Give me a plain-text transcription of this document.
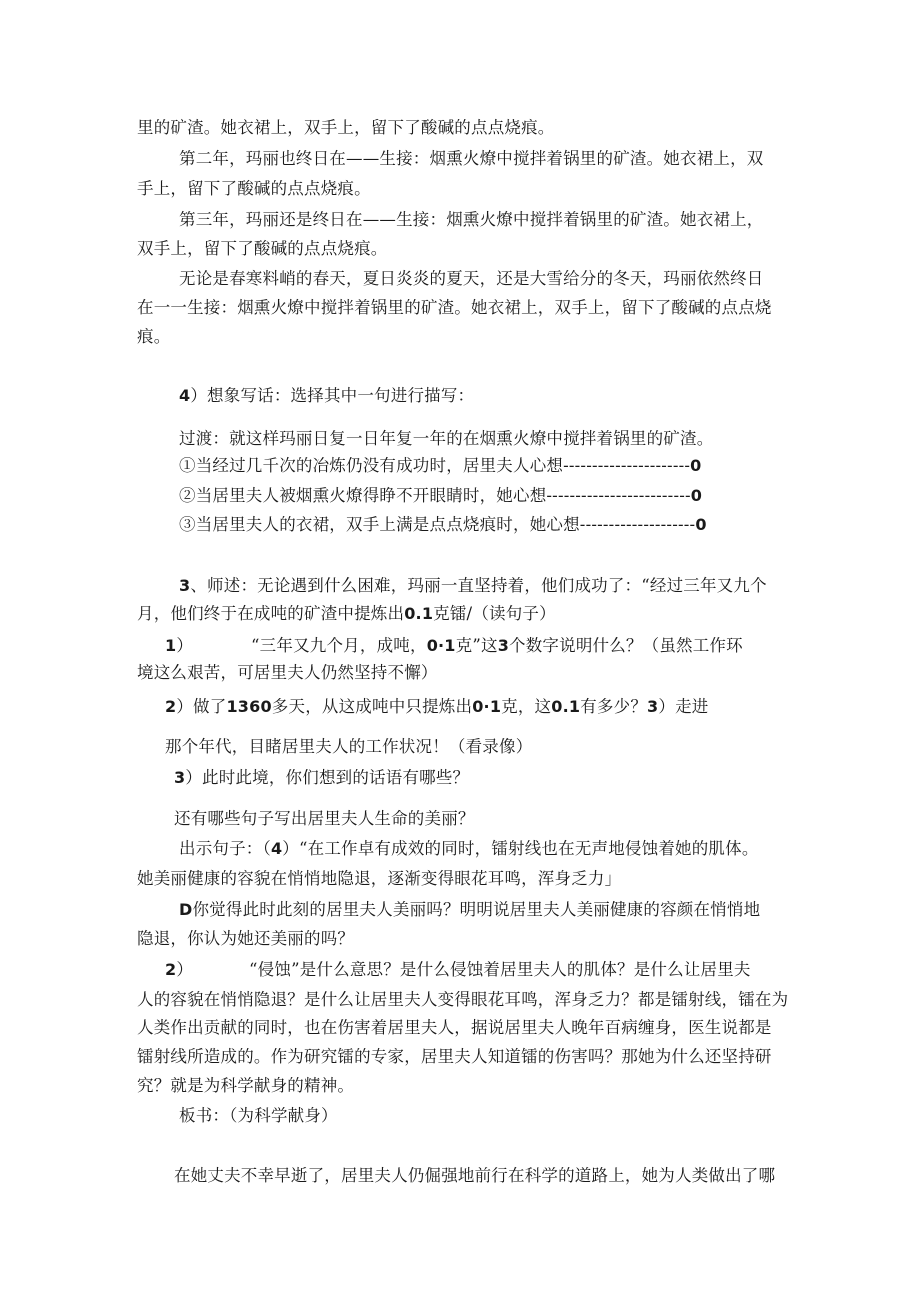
里的矿渣。她衣裙上，双手上，留下了酸碱的点点烧痕。

第二年，玛丽也终日在——生接：烟熏火燎中搅拌着锅里的矿渣。她衣裙上，双

手上，留下了酸碱的点点烧痕。

第三年，玛丽还是终日在——生接：烟熏火燎中搅拌着锅里的矿渣。她衣裙上，

双手上，留下了酸碱的点点烧痕。

无论是春寒料峭的春天，夏日炎炎的夏天，还是大雪给分的冬天，玛丽依然终日

在一一生接：烟熏火燎中搅拌着锅里的矿渣。她衣裙上，双手上，留下了酸碱的点点烧

痕。

4）想象写话：选择其中一句进行描写：

过渡：就这样玛丽日复一日年复一年的在烟熏火燎中搅拌着锅里的矿渣。

①当经过几千次的冶炼仍没有成功时，居里夫人心想----------------------0

②当居里夫人被烟熏火燎得睁不开眼睛时，她心想-------------------------0

③当居里夫人的衣裙，双手上满是点点烧痕时，她心想--------------------0

3、师述：无论遇到什么困难，玛丽一直坚持着，他们成功了：“经过三年又九个

月，他们终于在成吨的矿渣中提炼出0.1克镭/（读句子）

1）	“三年又九个月，成吨，0·1克”这3个数字说明什么？（虽然工作环

境这么艰苦，可居里夫人仍然坚持不懈）

2）做了1360多天，从这成吨中只提炼出0·1克，这0.1有多少？3）走进

那个年代，目睹居里夫人的工作状况！（看录像）

3）此时此境，你们想到的话语有哪些？

还有哪些句子写出居里夫人生命的美丽？

出示句子：（4）“在工作卓有成效的同时，镭射线也在无声地侵蚀着她的肌体。

她美丽健康的容貌在悄悄地隐退，逐渐变得眼花耳鸣，浑身乏力」

D你觉得此时此刻的居里夫人美丽吗？明明说居里夫人美丽健康的容颜在悄悄地

隐退，你认为她还美丽的吗？

2）	“侵蚀”是什么意思？是什么侵蚀着居里夫人的肌体？是什么让居里夫

人的容貌在悄悄隐退？是什么让居里夫人变得眼花耳鸣，浑身乏力？都是镭射线，镭在为

人类作出贡献的同时，也在伤害着居里夫人，据说居里夫人晚年百病缠身，医生说都是

镭射线所造成的。作为研究镭的专家，居里夫人知道镭的伤害吗？那她为什么还坚持研

究？就是为科学献身的精神。

板书：（为科学献身）

在她丈夫不幸早逝了，居里夫人仍倔强地前行在科学的道路上，她为人类做出了哪
